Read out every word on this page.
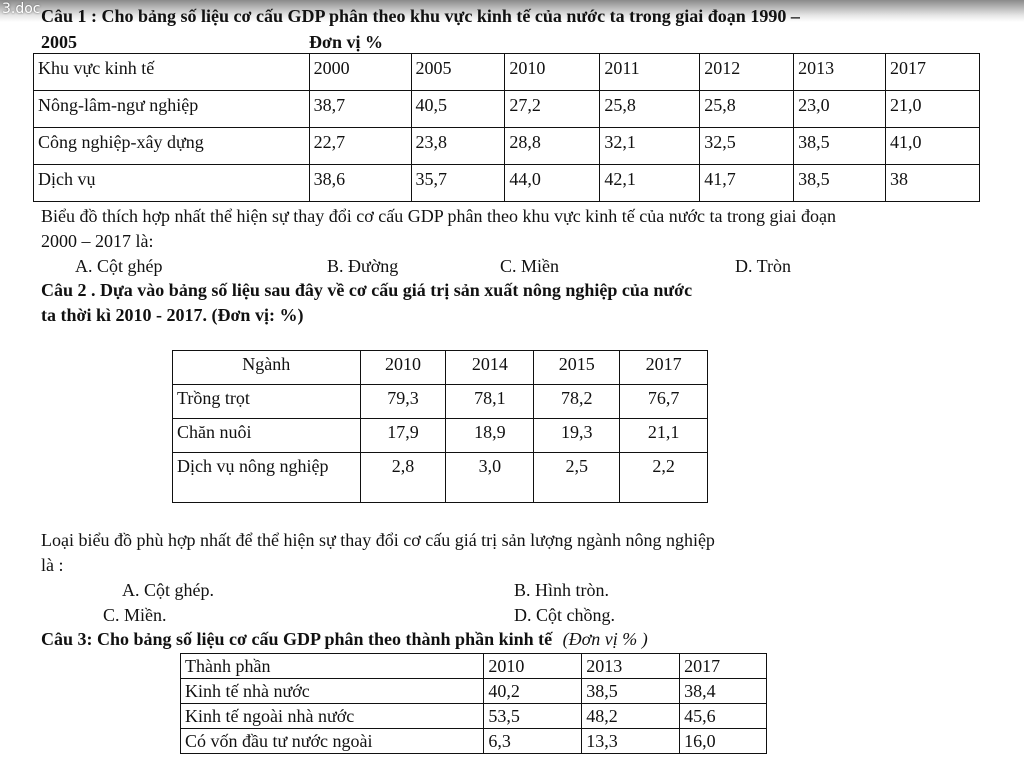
3.doc Câu 1 : Cho bảng số liệu cơ cấu GDP phân theo khu vực kinh tế của nước ta trong giai đoạn 1990 –
2005	Đơn vị %
Khu vực kinh tế	2000	2005	2010	2011	2012	2013	2017
Nông-lâm-ngư nghiệp	38,7	40,5	27,2	25,8	25,8	23,0	21,0
Công nghiệp-xây dựng	22,7	23,8	28,8	32,1	32,5	38,5	41,0
Dịch vụ	38,6	35,7	44,0	42,1	41,7	38,5	38
Biểu đồ thích hợp nhất thể hiện sự thay đổi cơ cấu GDP phân theo khu vực kinh tế của nước ta trong giai đoạn
2000 – 2017 là:
A. Cột ghép	B. Đường	C. Miền	D. Tròn
Câu 2 . Dựa vào bảng số liệu sau đây về cơ cấu giá trị sản xuất nông nghiệp của nước
ta thời kì 2010 - 2017. (Đơn vị: %)
Ngành	2010	2014	2015	2017
Trồng trọt	79,3	78,1	78,2	76,7
Chăn nuôi	17,9	18,9	19,3	21,1
Dịch vụ nông nghiệp	2,8	3,0	2,5	2,2
Loại biểu đồ phù hợp nhất để thể hiện sự thay đổi cơ cấu giá trị sản lượng ngành nông nghiệp
là :
A. Cột ghép.	B. Hình tròn.
C. Miền.	D. Cột chồng.
Câu 3: Cho bảng số liệu cơ cấu GDP phân theo thành phần kinh tế (Đơn vị % )
Thành phần	2010	2013	2017
Kinh tế nhà nước	40,2	38,5	38,4
Kinh tế ngoài nhà nước	53,5	48,2	45,6
Có vốn đầu tư nước ngoài	6,3	13,3	16,0
